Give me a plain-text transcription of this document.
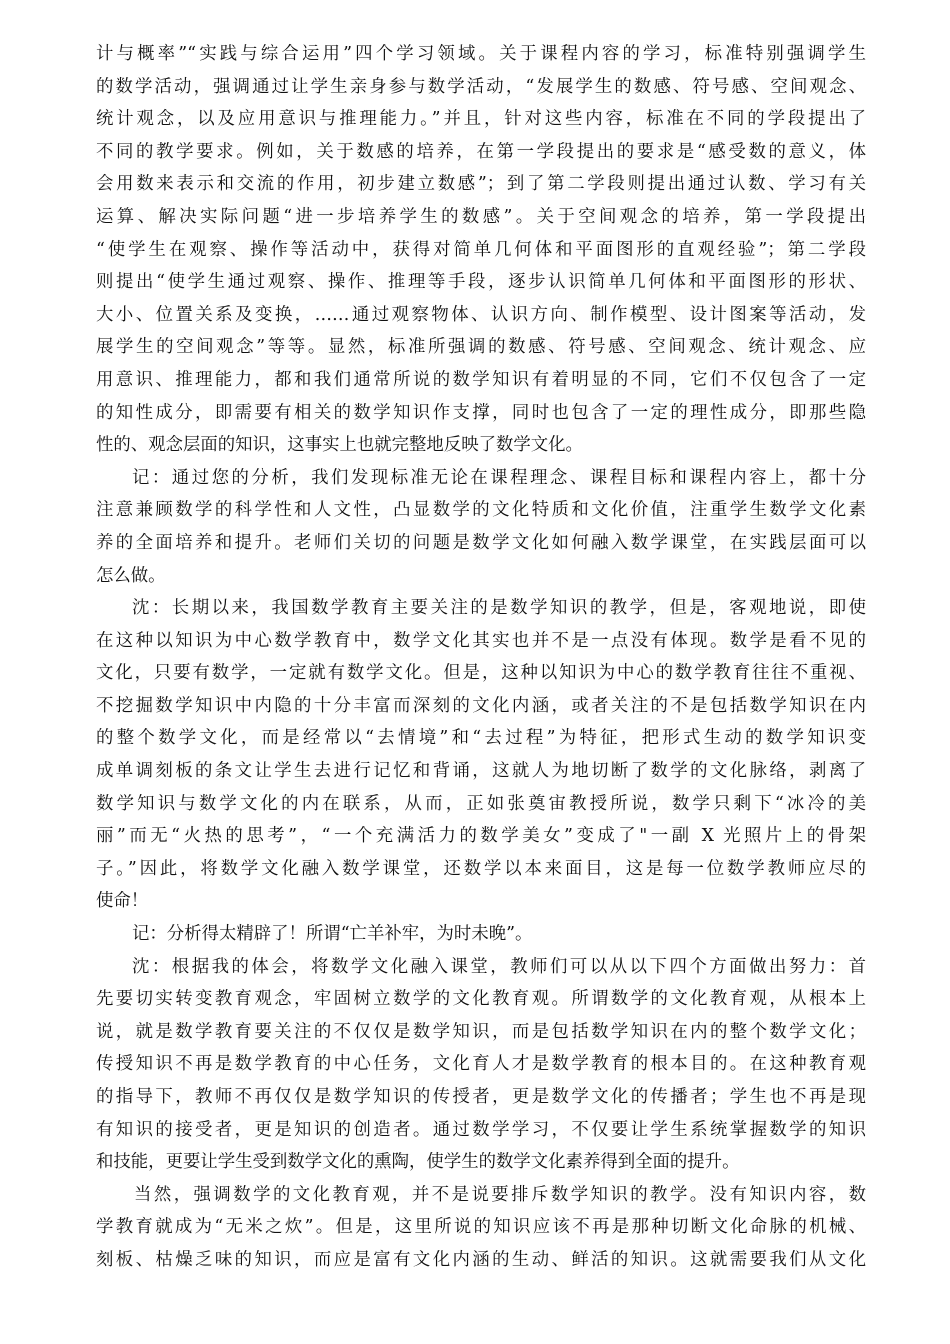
计与概率”“实践与综合运用”四个学习领域。关于课程内容的学习，标准特别强调学生
的数学活动，强调通过让学生亲身参与数学活动，“发展学生的数感、符号感、空间观念、
统计观念，以及应用意识与推理能力。”并且，针对这些内容，标准在不同的学段提出了
不同的教学要求。例如，关于数感的培养，在第一学段提出的要求是“感受数的意义，体
会用数来表示和交流的作用，初步建立数感”；到了第二学段则提出通过认数、学习有关
运算、解决实际问题“进一步培养学生的数感”。关于空间观念的培养，第一学段提出
“使学生在观察、操作等活动中，获得对简单几何体和平面图形的直观经验”；第二学段
则提出“使学生通过观察、操作、推理等手段，逐步认识简单几何体和平面图形的形状、
大小、位置关系及变换，……通过观察物体、认识方向、制作模型、设计图案等活动，发
展学生的空间观念”等等。显然，标准所强调的数感、符号感、空间观念、统计观念、应
用意识、推理能力，都和我们通常所说的数学知识有着明显的不同，它们不仅包含了一定
的知性成分，即需要有相关的数学知识作支撑，同时也包含了一定的理性成分，即那些隐
性的、观念层面的知识，这事实上也就完整地反映了数学文化。
记：通过您的分析，我们发现标准无论在课程理念、课程目标和课程内容上，都十分
注意兼顾数学的科学性和人文性，凸显数学的文化特质和文化价值，注重学生数学文化素
养的全面培养和提升。老师们关切的问题是数学文化如何融入数学课堂，在实践层面可以
怎么做。
沈：长期以来，我国数学教育主要关注的是数学知识的教学，但是，客观地说，即使
在这种以知识为中心数学教育中，数学文化其实也并不是一点没有体现。数学是看不见的
文化，只要有数学，一定就有数学文化。但是，这种以知识为中心的数学教育往往不重视、
不挖掘数学知识中内隐的十分丰富而深刻的文化内涵，或者关注的不是包括数学知识在内
的整个数学文化，而是经常以“去情境”和“去过程”为特征，把形式生动的数学知识变
成单调刻板的条文让学生去进行记忆和背诵，这就人为地切断了数学的文化脉络，剥离了
数学知识与数学文化的内在联系，从而，正如张奠宙教授所说，数学只剩下“冰冷的美
丽”而无“火热的思考”，“一个充满活力的数学美女”变成了"一副 X 光照片上的骨架
子。”因此，将数学文化融入数学课堂，还数学以本来面目，这是每一位数学教师应尽的
使命！
记：分析得太精辟了！所谓“亡羊补牢，为时未晚”。
沈：根据我的体会，将数学文化融入课堂，教师们可以从以下四个方面做出努力：首
先要切实转变教育观念，牢固树立数学的文化教育观。所谓数学的文化教育观，从根本上
说，就是数学教育要关注的不仅仅是数学知识，而是包括数学知识在内的整个数学文化；
传授知识不再是数学教育的中心任务，文化育人才是数学教育的根本目的。在这种教育观
的指导下，教师不再仅仅是数学知识的传授者，更是数学文化的传播者；学生也不再是现
有知识的接受者，更是知识的创造者。通过数学学习，不仅要让学生系统掌握数学的知识
和技能，更要让学生受到数学文化的熏陶，使学生的数学文化素养得到全面的提升。
当然，强调数学的文化教育观，并不是说要排斥数学知识的教学。没有知识内容，数
学教育就成为“无米之炊”。但是，这里所说的知识应该不再是那种切断文化命脉的机械、
刻板、枯燥乏味的知识，而应是富有文化内涵的生动、鲜活的知识。这就需要我们从文化
